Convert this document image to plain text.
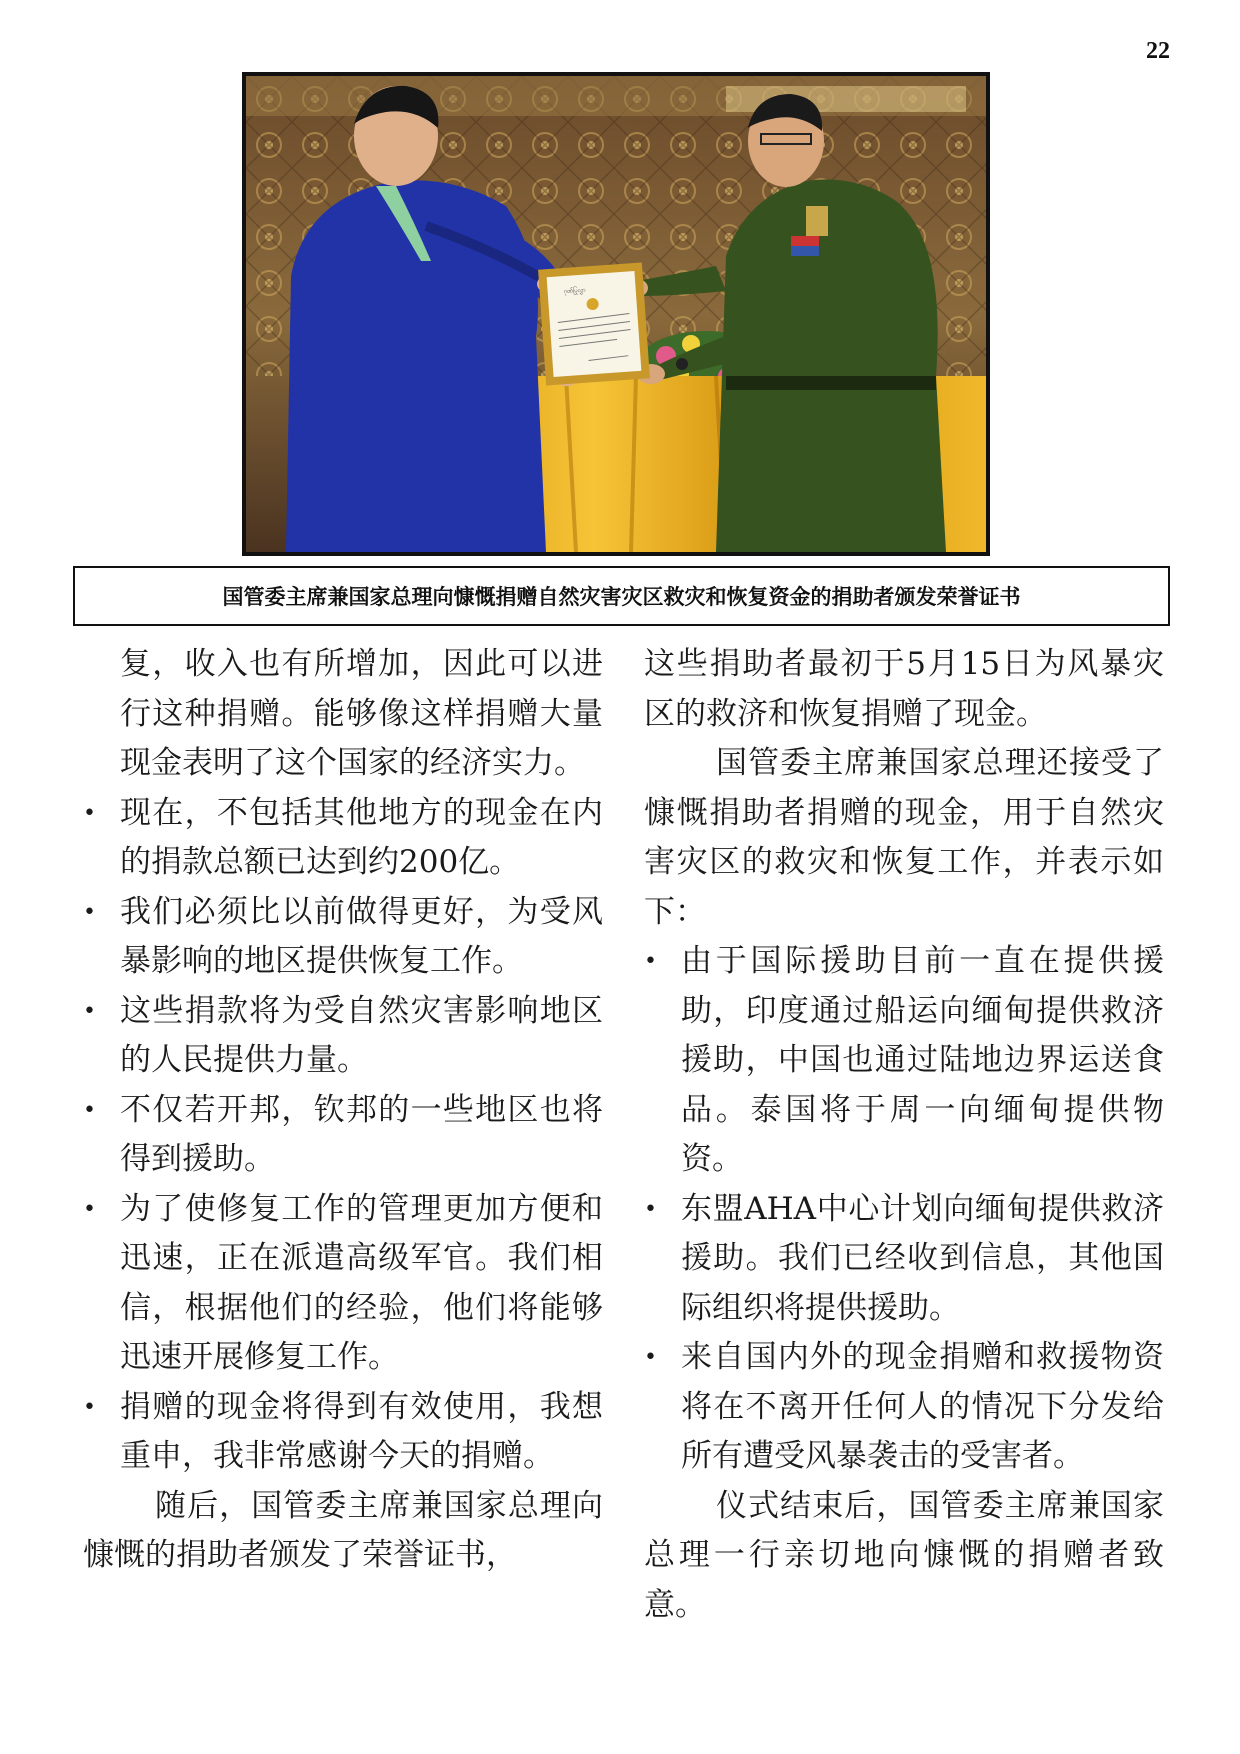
22
ဂုဏ်ပြုလွှာ
国管委主席兼国家总理向慷慨捐赠自然灾害灾区救灾和恢复资金的捐助者颁发荣誉证书

复，收入也有所增加，因此可以进行这种捐赠。能够像这样捐赠大量现金表明了这个国家的经济实力。

• 现在，不包括其他地方的现金在内的捐款总额已达到约200亿。
• 我们必须比以前做得更好，为受风暴影响的地区提供恢复工作。
• 这些捐款将为受自然灾害影响地区的人民提供力量。
• 不仅若开邦，钦邦的一些地区也将得到援助。
• 为了使修复工作的管理更加方便和迅速，正在派遣高级军官。我们相信，根据他们的经验，他们将能够迅速开展修复工作。
• 捐赠的现金将得到有效使用，我想重申，我非常感谢今天的捐赠。

随后，国管委主席兼国家总理向慷慨的捐助者颁发了荣誉证书，

这些捐助者最初于5月15日为风暴灾区的救济和恢复捐赠了现金。

国管委主席兼国家总理还接受了慷慨捐助者捐赠的现金，用于自然灾害灾区的救灾和恢复工作，并表示如下：

• 由于国际援助目前一直在提供援助，印度通过船运向缅甸提供救济援助，中国也通过陆地边界运送食品。泰国将于周一向缅甸提供物资。
• 东盟AHA中心计划向缅甸提供救济援助。我们已经收到信息，其他国际组织将提供援助。
• 来自国内外的现金捐赠和救援物资将在不离开任何人的情况下分发给所有遭受风暴袭击的受害者。

仪式结束后，国管委主席兼国家总理一行亲切地向慷慨的捐赠者致意。
